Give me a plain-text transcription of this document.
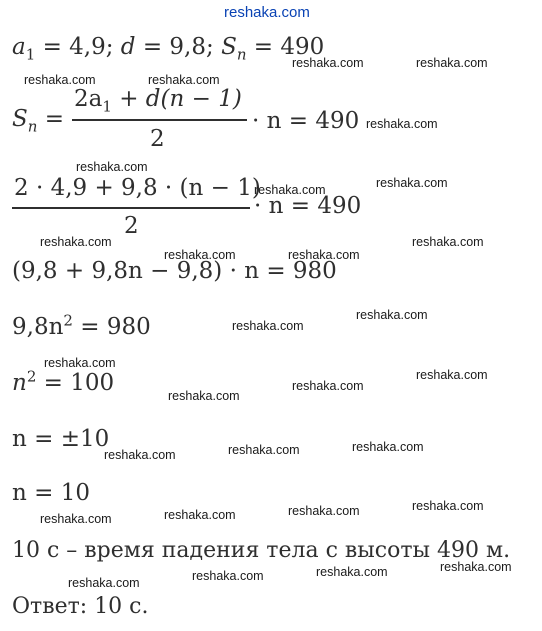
reshaka.com
$a_1 = 4,9$; d = 9,8; $S_n = 490$
$S_n$ =
$2a_1 + d(n - 1)$
2
· n = 490
2 · 4,9 + 9,8 · (n − 1)
2
· n = 490
(9,8 + 9,8n − 9,8) · n = 980
$9,8n^2 = 980$
$n^2 = 100$
n = ±10
n = 10
10 с – время падения тела с высоты 490 м.
Ответ: 10 с.
reshaka.com	reshaka.com
reshaka.com	reshaka.com
reshaka.com
reshaka.com
reshaka.com	reshaka.com
reshaka.com
reshaka.com	reshaka.com
reshaka.com
reshaka.com
reshaka.com
reshaka.com
reshaka.com
reshaka.com
reshaka.com
reshaka.com	reshaka.com	reshaka.com
reshaka.com	reshaka.com	reshaka.com	reshaka.com
reshaka.com	reshaka.com	reshaka.com	reshaka.com
